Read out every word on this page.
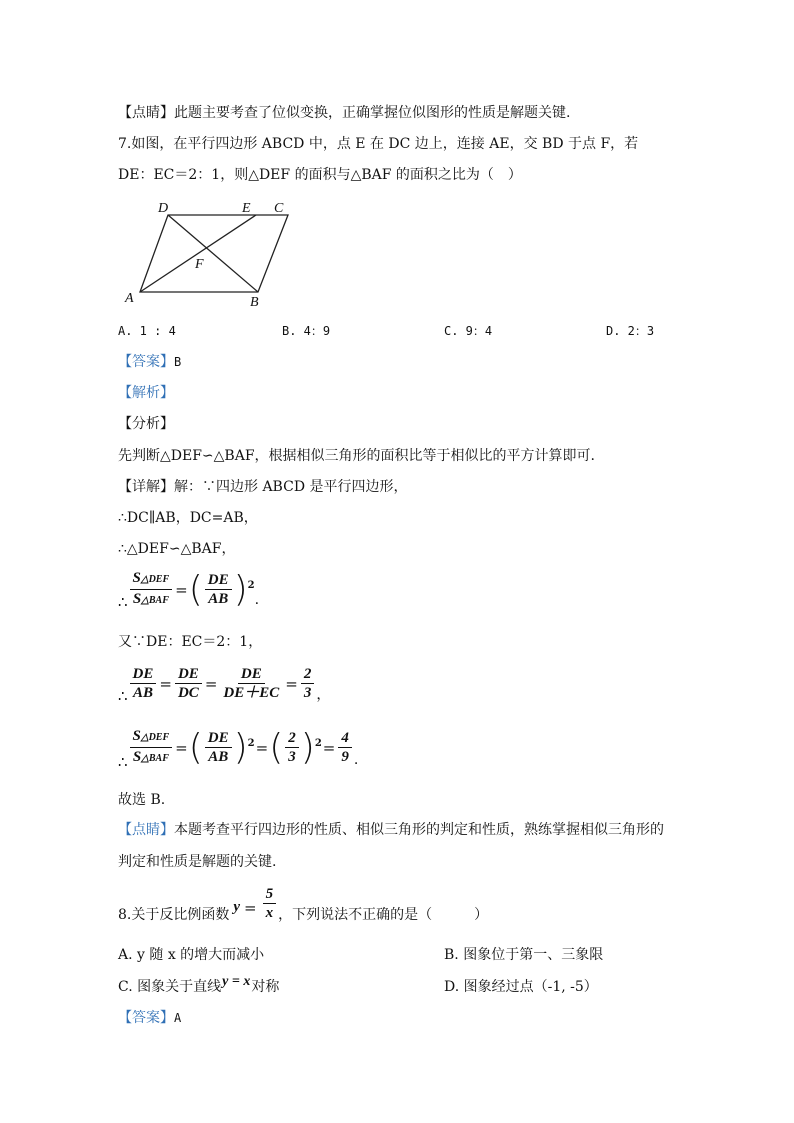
【点睛】此题主要考查了位似变换，正确掌握位似图形的性质是解题关键.
7.如图，在平行四边形 ABCD 中，点 E 在 DC 边上，连接 AE，交 BD 于点 F，若
DE：EC＝2：1，则△DEF 的面积与△BAF 的面积之比为（　）
D	E C
F
A	B
A. 1 : 4	B. 4：9	C. 9：4	D. 2：3
【答案】B
【解析】
【分析】
先判断△DEF∽△BAF，根据相似三角形的面积比等于相似比的平方计算即可.
【详解】解：∵四边形 ABCD 是平行四边形，
∴DC∥AB，DC=AB，
∴△DEF∽△BAF，
∴ $\frac{\text{S△DEF}}{\text{S△BAF}}$ = ( $\frac{DE}{AB}$ ) 2
.
又∵DE：EC＝2：1，
∴ $\frac{DE}{AB} = \frac{DE}{DC} = \frac{DE}{DE+EC} = \frac{2}{3}$ ，
∴ $\frac{\text{S△DEF}}{\text{S△BAF}}$ = ( $\frac{DE}{AB}$ ) 2 = ( $\frac{2}{3}$ ) $2 = \frac{4}{9}$ .
故选 B.
【点睛】本题考查平行四边形的性质、相似三角形的判定和性质，熟练掌握相似三角形的
判定和性质是解题的关键.
8.关于反比例函数 $y = \frac{5}{x}$ ，下列说法不正确的是（　　　）
A. y 随 x 的增大而减小	B. 图象位于第一、三象限
C. 图象关于直线y = x对称	D. 图象经过点（-1, -5）
【答案】A
